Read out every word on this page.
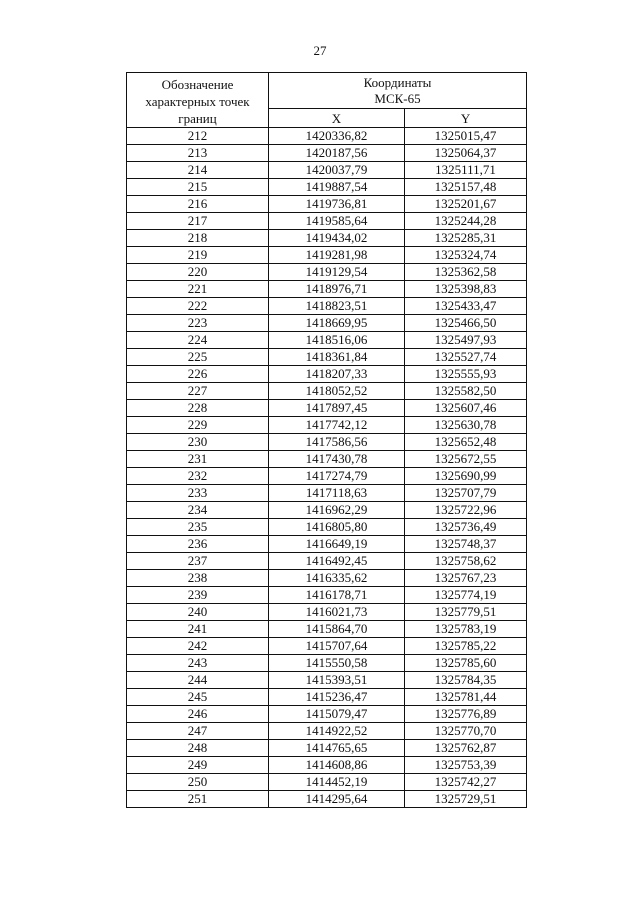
27
Обозначение характерных точек границ	Координаты
МСК-65	
	X	Y
212	1420336,82	1325015,47
213	1420187,56	1325064,37
214	1420037,79	1325111,71
215	1419887,54	1325157,48
216	1419736,81	1325201,67
217	1419585,64	1325244,28
218	1419434,02	1325285,31
219	1419281,98	1325324,74
220	1419129,54	1325362,58
221	1418976,71	1325398,83
222	1418823,51	1325433,47
223	1418669,95	1325466,50
224	1418516,06	1325497,93
225	1418361,84	1325527,74
226	1418207,33	1325555,93
227	1418052,52	1325582,50
228	1417897,45	1325607,46
229	1417742,12	1325630,78
230	1417586,56	1325652,48
231	1417430,78	1325672,55
232	1417274,79	1325690,99
233	1417118,63	1325707,79
234	1416962,29	1325722,96
235	1416805,80	1325736,49
236	1416649,19	1325748,37
237	1416492,45	1325758,62
238	1416335,62	1325767,23
239	1416178,71	1325774,19
240	1416021,73	1325779,51
241	1415864,70	1325783,19
242	1415707,64	1325785,22
243	1415550,58	1325785,60
244	1415393,51	1325784,35
245	1415236,47	1325781,44
246	1415079,47	1325776,89
247	1414922,52	1325770,70
248	1414765,65	1325762,87
249	1414608,86	1325753,39
250	1414452,19	1325742,27
251	1414295,64	1325729,51
